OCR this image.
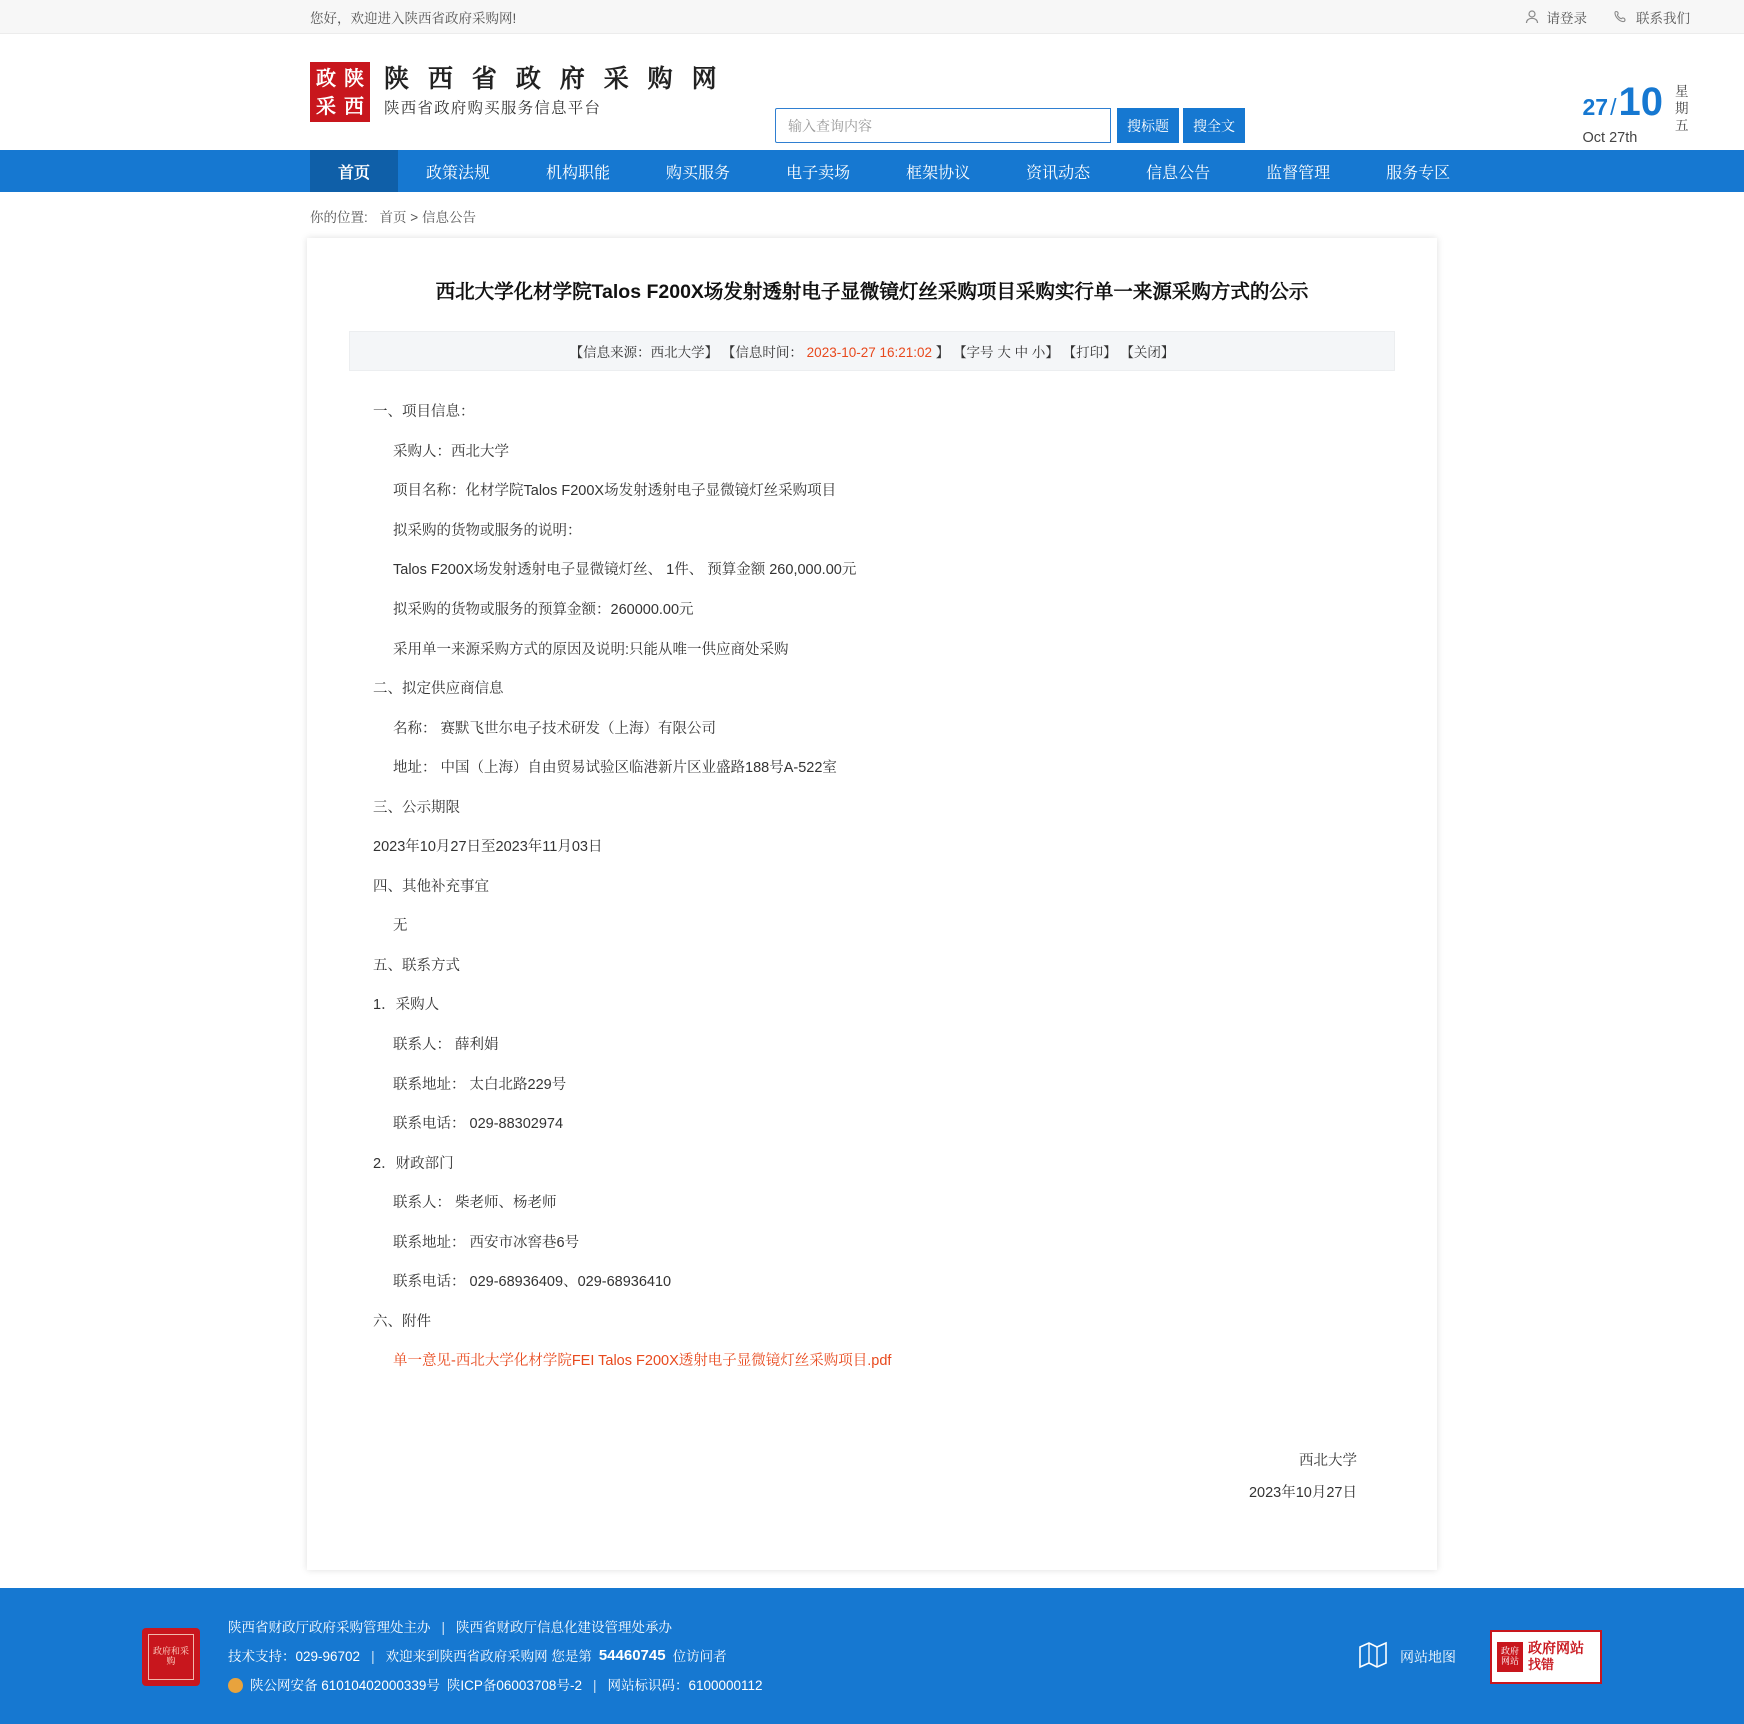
您好，欢迎进入陕西省政府采购网!	请登录	联系我们
政 陕
采 西
陕 西 省 政 府 采 购 网
陕西省政府购买服务信息平台
输入查询内容
搜标题	搜全文
27 / 10
Oct 27th
星期五
首页	政策法规	机构职能	购买服务	电子卖场	框架协议	资讯动态	信息公告	监督管理	服务专区
你的位置: 首页 > 信息公告
西北大学化材学院Talos F200X场发射透射电子显微镜灯丝采购项目采购实行单一来源采购方式的公示
【信息来源：西北大学】 【信息时间： 2023-10-27 16:21:02 】 【字号 大 中 小】 【打印】 【关闭】

一、项目信息：

采购人：西北大学

项目名称：化材学院Talos F200X场发射透射电子显微镜灯丝采购项目

拟采购的货物或服务的说明：

Talos F200X场发射透射电子显微镜灯丝、 1件、 预算金额 260,000.00元

拟采购的货物或服务的预算金额：260000.00元

采用单一来源采购方式的原因及说明:只能从唯一供应商处采购

二、拟定供应商信息

名称： 赛默飞世尔电子技术研发（上海）有限公司

地址： 中国（上海）自由贸易试验区临港新片区业盛路188号A-522室

三、公示期限

2023年10月27日至2023年11月03日

四、其他补充事宜

无

五、联系方式

1．采购人

联系人： 薛利娟

联系地址： 太白北路229号

联系电话： 029-88302974

2．财政部门

联系人： 柴老师、杨老师

联系地址： 西安市冰窖巷6号

联系电话： 029-68936409、029-68936410

六、附件

单一意见-西北大学化材学院FEI Talos F200X透射电子显微镜灯丝采购项目.pdf

西北大学
2023年10月27日
政府和采购
陕西省财政厅政府采购管理处主办 | 陕西省财政厅信息化建设管理处承办
技术支持：029-96702 | 欢迎来到陕西省政府采购网 您是第 54460745 位访问者
陕公网安备 61010402000339号 陕ICP备06003708号-2 | 网站标识码：6100000112
网站地图	政府网站
政府网站
找错
